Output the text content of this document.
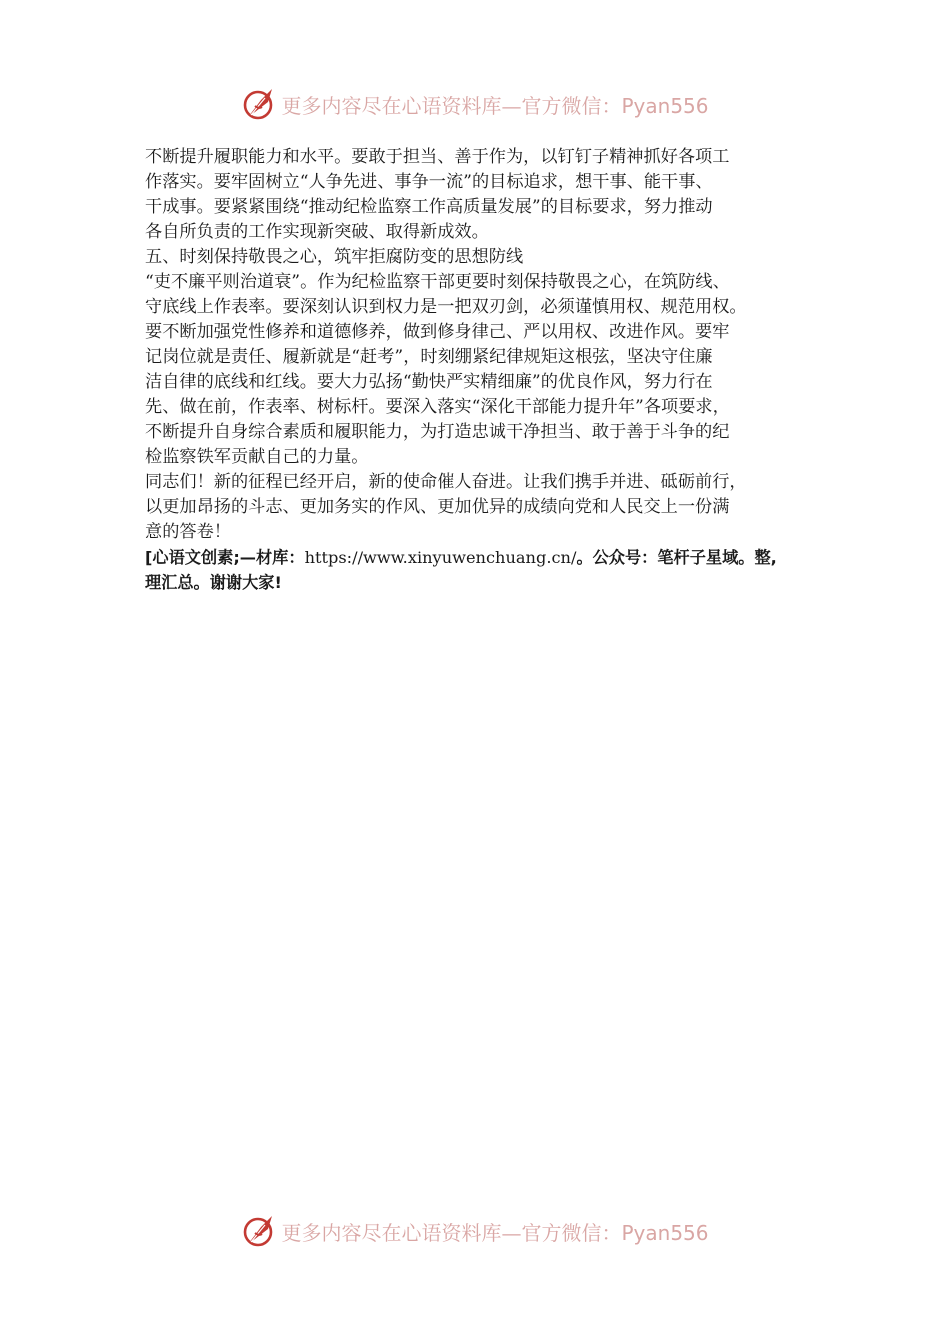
更多内容尽在心语资料库—官方微信：Pyan556
不断提升履职能力和水平。要敢于担当、善于作为，以钉钉子精神抓好各项工
作落实。要牢固树立“人争先进、事争一流”的目标追求，想干事、能干事、
干成事。要紧紧围绕“推动纪检监察工作高质量发展”的目标要求，努力推动
各自所负责的工作实现新突破、取得新成效。
五、时刻保持敬畏之心，筑牢拒腐防变的思想防线
“吏不廉平则治道衰”。作为纪检监察干部更要时刻保持敬畏之心，在筑防线、
守底线上作表率。要深刻认识到权力是一把双刃剑，必须谨慎用权、规范用权。
要不断加强党性修养和道德修养，做到修身律己、严以用权、改进作风。要牢
记岗位就是责任、履新就是“赶考”，时刻绷紧纪律规矩这根弦，坚决守住廉
洁自律的底线和红线。要大力弘扬“勤快严实精细廉”的优良作风，努力行在
先、做在前，作表率、树标杆。要深入落实“深化干部能力提升年”各项要求，
不断提升自身综合素质和履职能力，为打造忠诚干净担当、敢于善于斗争的纪
检监察铁军贡献自己的力量。
同志们！新的征程已经开启，新的使命催人奋进。让我们携手并进、砥砺前行，
以更加昂扬的斗志、更加务实的作风、更加优异的成绩向党和人民交上一份满
意的答卷！
[心语文创素;—材库：https://www.xinyuwenchuang.cn/。公众号：笔杆子星域。整,
理汇总。谢谢大家!
更多内容尽在心语资料库—官方微信：Pyan556
